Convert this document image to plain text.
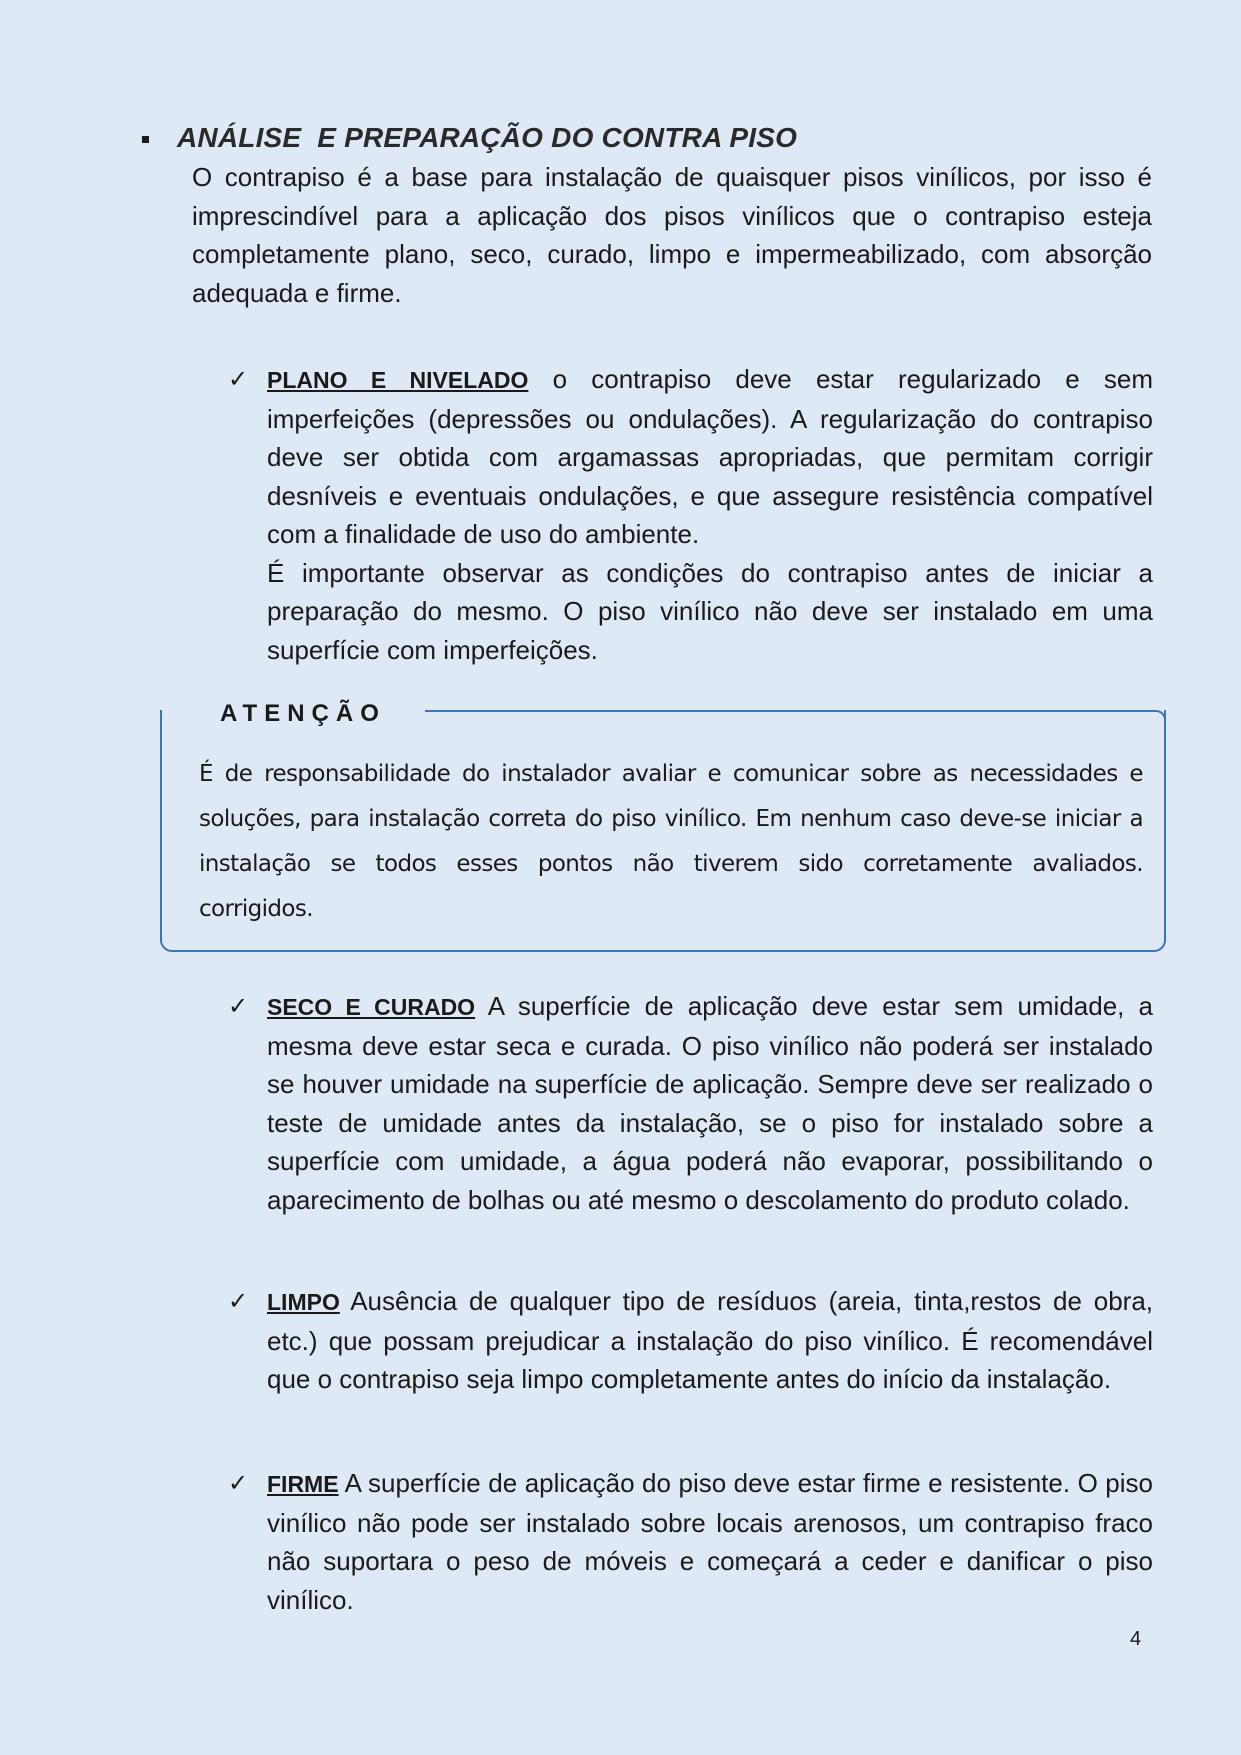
ANÁLISE  E PREPARAÇÃO DO CONTRA PISO
O contrapiso é a base para instalação de quaisquer pisos vinílicos, por isso é imprescindível para a aplicação dos pisos vinílicos que o contrapiso esteja completamente plano, seco, curado, limpo e impermeabilizado, com absorção adequada e firme.
✓ PLANO E NIVELADO o contrapiso deve estar regularizado e sem imperfeições (depressões ou ondulações). A regularização do contrapiso deve ser obtida com argamassas apropriadas, que permitam corrigir desníveis e eventuais ondulações, e que assegure resistência compatível com a finalidade de uso do ambiente.

É importante observar as condições do contrapiso antes de iniciar a preparação do mesmo. O piso vinílico não deve ser instalado em uma superfície com imperfeições.

ATENÇÃO
É de responsabilidade do instalador avaliar e comunicar sobre as necessidades e soluções, para instalação correta do piso vinílico. Em nenhum caso deve-se iniciar a instalação se todos esses pontos não tiverem sido corretamente avaliados. corrigidos.
✓ SECO E CURADO A superfície de aplicação deve estar sem umidade, a mesma deve estar seca e curada. O piso vinílico não poderá ser instalado se houver umidade na superfície de aplicação. Sempre deve ser realizado o teste de umidade antes da instalação, se o piso for instalado sobre a superfície com umidade, a água poderá não evaporar, possibilitando o aparecimento de bolhas ou até mesmo o descolamento do produto colado.

✓ LIMPO Ausência de qualquer tipo de resíduos (areia, tinta,restos de obra, etc.) que possam prejudicar a instalação do piso vinílico. É recomendável que o contrapiso seja limpo completamente antes do início da instalação.

✓ FIRME A superfície de aplicação do piso deve estar firme e resistente. O piso vinílico não pode ser instalado sobre locais arenosos, um contrapiso fraco não suportara o peso de móveis e começará a ceder e danificar o piso vinílico.

4
